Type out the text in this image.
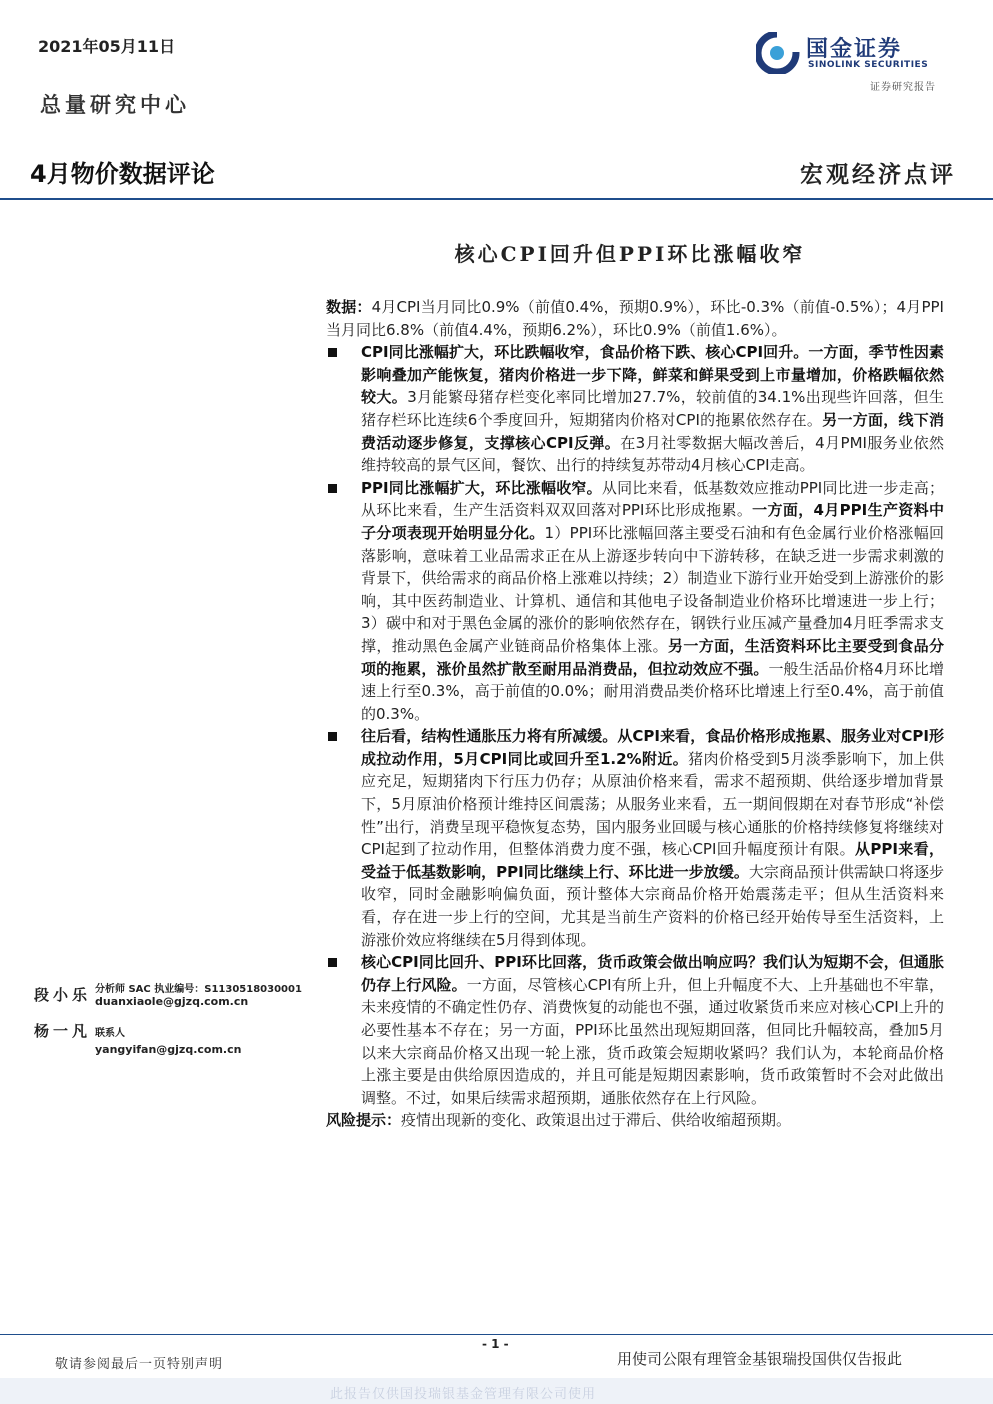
2021年05月11日
总量研究中心
国金证券
SINOLINK SECURITIES
证券研究报告
4月物价数据评论	宏观经济点评
核心CPI回升但PPI环比涨幅收窄

数据：4月CPI当月同比0.9%（前值0.4%，预期0.9%），环比-0.3%（前值-0.5%）；4月PPI当月同比6.8%（前值4.4%，预期6.2%），环比0.9%（前值1.6%）。

CPI同比涨幅扩大，环比跌幅收窄，食品价格下跌、核心CPI回升。一方面，季节性因素影响叠加产能恢复，猪肉价格进一步下降，鲜菜和鲜果受到上市量增加，价格跌幅依然较大。3月能繁母猪存栏变化率同比增加27.7%，较前值的34.1%出现些许回落，但生猪存栏环比连续6个季度回升，短期猪肉价格对CPI的拖累依然存在。另一方面，线下消费活动逐步修复，支撑核心CPI反弹。在3月社零数据大幅改善后，4月PMI服务业依然维持较高的景气区间，餐饮、出行的持续复苏带动4月核心CPI走高。

PPI同比涨幅扩大，环比涨幅收窄。从同比来看，低基数效应推动PPI同比进一步走高；从环比来看，生产生活资料双双回落对PPI环比形成拖累。一方面，4月PPI生产资料中子分项表现开始明显分化。1）PPI环比涨幅回落主要受石油和有色金属行业价格涨幅回落影响，意味着工业品需求正在从上游逐步转向中下游转移，在缺乏进一步需求刺激的背景下，供给需求的商品价格上涨难以持续；2）制造业下游行业开始受到上游涨价的影响，其中医药制造业、计算机、通信和其他电子设备制造业价格环比增速进一步上行；3）碳中和对于黑色金属的涨价的影响依然存在，钢铁行业压减产量叠加4月旺季需求支撑，推动黑色金属产业链商品价格集体上涨。另一方面，生活资料环比主要受到食品分项的拖累，涨价虽然扩散至耐用品消费品，但拉动效应不强。一般生活品价格4月环比增速上行至0.3%，高于前值的0.0%；耐用消费品类价格环比增速上行至0.4%，高于前值的0.3%。

往后看，结构性通胀压力将有所减缓。从CPI来看，食品价格形成拖累、服务业对CPI形成拉动作用，5月CPI同比或回升至1.2%附近。猪肉价格受到5月淡季影响下，加上供应充足，短期猪肉下行压力仍存；从原油价格来看，需求不超预期、供给逐步增加背景下，5月原油价格预计维持区间震荡；从服务业来看，五一期间假期在对春节形成“补偿性”出行，消费呈现平稳恢复态势，国内服务业回暖与核心通胀的价格持续修复将继续对CPI起到了拉动作用，但整体消费力度不强，核心CPI回升幅度预计有限。从PPI来看，受益于低基数影响，PPI同比继续上行、环比进一步放缓。大宗商品预计供需缺口将逐步收窄，同时金融影响偏负面，预计整体大宗商品价格开始震荡走平；但从生活资料来看，存在进一步上行的空间，尤其是当前生产资料的价格已经开始传导至生活资料，上游涨价效应将继续在5月得到体现。

核心CPI同比回升、PPI环比回落，货币政策会做出响应吗？我们认为短期不会，但通胀仍存上行风险。一方面，尽管核心CPI有所上升，但上升幅度不大、上升基础也不牢靠，未来疫情的不确定性仍存、消费恢复的动能也不强，通过收紧货币来应对核心CPI上升的必要性基本不存在；另一方面，PPI环比虽然出现短期回落，但同比升幅较高，叠加5月以来大宗商品价格又出现一轮上涨，货币政策会短期收紧吗？我们认为，本轮商品价格上涨主要是由供给原因造成的，并且可能是短期因素影响，货币政策暂时不会对此做出调整。不过，如果后续需求超预期，通胀依然存在上行风险。

风险提示：疫情出现新的变化、政策退出过于滞后、供给收缩超预期。

段小乐 分析师 SAC 执业编号：S1130518030001
duanxiaole@gjzq.com.cn
杨一凡 联系人
yangyifan@gjzq.com.cn
- 1 -
敬请参阅最后一页特别声明	用使司公限有理管金基银瑞投国供仅告报此
此报告仅供国投瑞银基金管理有限公司使用
